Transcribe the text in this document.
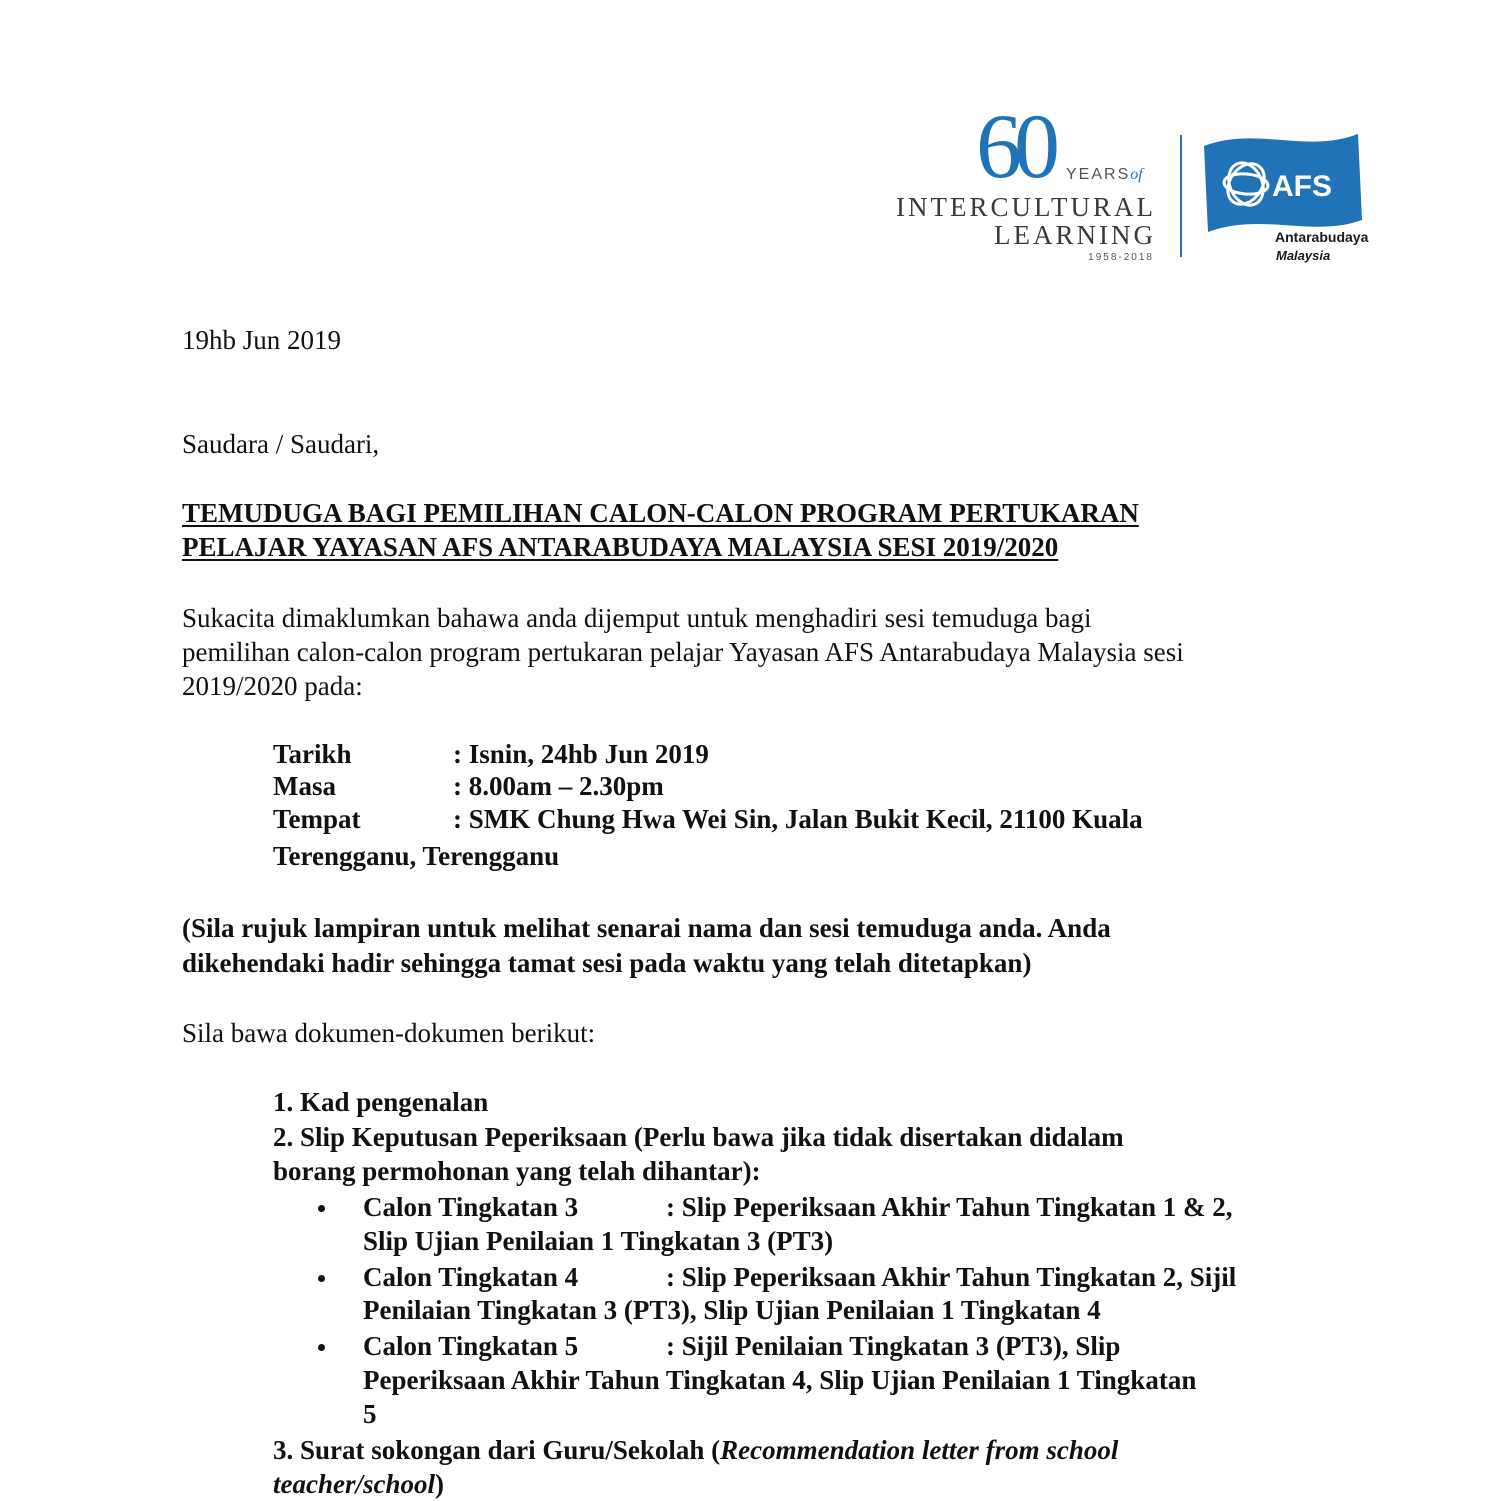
60 YEARSof
INTERCULTURAL
LEARNING
1958-2018
AFS
Antarabudaya
Malaysia
19hb Jun 2019
Saudara / Saudari,
TEMUDUGA BAGI PEMILIHAN CALON-CALON PROGRAM PERTUKARAN
PELAJAR YAYASAN AFS ANTARABUDAYA MALAYSIA SESI 2019/2020
Sukacita dimaklumkan bahawa anda dijemput untuk menghadiri sesi temuduga bagi
pemilihan calon-calon program pertukaran pelajar Yayasan AFS Antarabudaya Malaysia sesi
2019/2020 pada:
Tarikh	: Isnin, 24hb Jun 2019
Masa	: 8.00am – 2.30pm
Tempat	: SMK Chung Hwa Wei Sin, Jalan Bukit Kecil, 21100 Kuala
Terengganu, Terengganu
(Sila rujuk lampiran untuk melihat senarai nama dan sesi temuduga anda. Anda
dikehendaki hadir sehingga tamat sesi pada waktu yang telah ditetapkan)
Sila bawa dokumen-dokumen berikut:
1. Kad pengenalan
2. Slip Keputusan Peperiksaan (Perlu bawa jika tidak disertakan didalam
borang permohonan yang telah dihantar):
Calon Tingkatan 3	: Slip Peperiksaan Akhir Tahun Tingkatan 1 & 2,
Slip Ujian Penilaian 1 Tingkatan 3 (PT3)
Calon Tingkatan 4	: Slip Peperiksaan Akhir Tahun Tingkatan 2, Sijil
Penilaian Tingkatan 3 (PT3), Slip Ujian Penilaian 1 Tingkatan 4
Calon Tingkatan 5	: Sijil Penilaian Tingkatan 3 (PT3), Slip
Peperiksaan Akhir Tahun Tingkatan 4, Slip Ujian Penilaian 1 Tingkatan
5
3. Surat sokongan dari Guru/Sekolah (Recommendation letter from school
teacher/school)
